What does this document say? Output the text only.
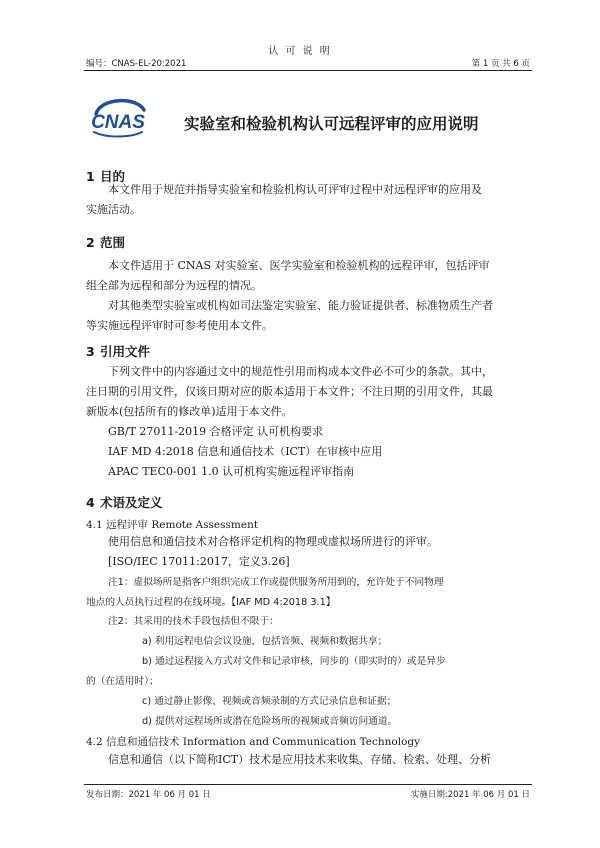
认 可 说 明
编号：CNAS-EL-20:2021	第 1 页 共 6 页
CNAS	实验室和检验机构认可远程评审的应用说明
1 目的
本文件用于规范并指导实验室和检验机构认可评审过程中对远程评审的应用及
实施活动。
2 范围
本文件适用于 CNAS 对实验室、医学实验室和检验机构的远程评审，包括评审
组全部为远程和部分为远程的情况。
对其他类型实验室或机构如司法鉴定实验室、能力验证提供者、标准物质生产者
等实施远程评审时可参考使用本文件。
3 引用文件
下列文件中的内容通过文中的规范性引用而构成本文件必不可少的条款。其中，
注日期的引用文件，仅该日期对应的版本适用于本文件；不注日期的引用文件，其最
新版本(包括所有的修改单)适用于本文件。
GB/T 27011-2019 合格评定 认可机构要求
IAF MD 4:2018 信息和通信技术（ICT）在审核中应用
APAC TEC0-001 1.0 认可机构实施远程评审指南
4 术语及定义
4.1 远程评审 Remote Assessment
使用信息和通信技术对合格评定机构的物理或虚拟场所进行的评审。
[ISO/IEC 17011:2017，定义3.26]
注1：虚拟场所是指客户组织完成工作或提供服务所用到的，允许处于不同物理
地点的人员执行过程的在线环境。【IAF MD 4:2018 3.1】
注2：其采用的技术手段包括但不限于：
a) 利用远程电信会议设施，包括音频、视频和数据共享；
b) 通过远程接入方式对文件和记录审核，同步的（即实时的）或是异步
的（在适用时）；
c) 通过静止影像、视频或音频录制的方式记录信息和证据；
d) 提供对远程场所或潜在危险场所的视频或音频访问通道。
4.2 信息和通信技术 Information and Communication Technology
信息和通信（以下简称ICT）技术是应用技术来收集、存储、检索、处理、分析
发布日期：2021 年 06 月 01 日	实施日期:2021 年 06 月 01 日
